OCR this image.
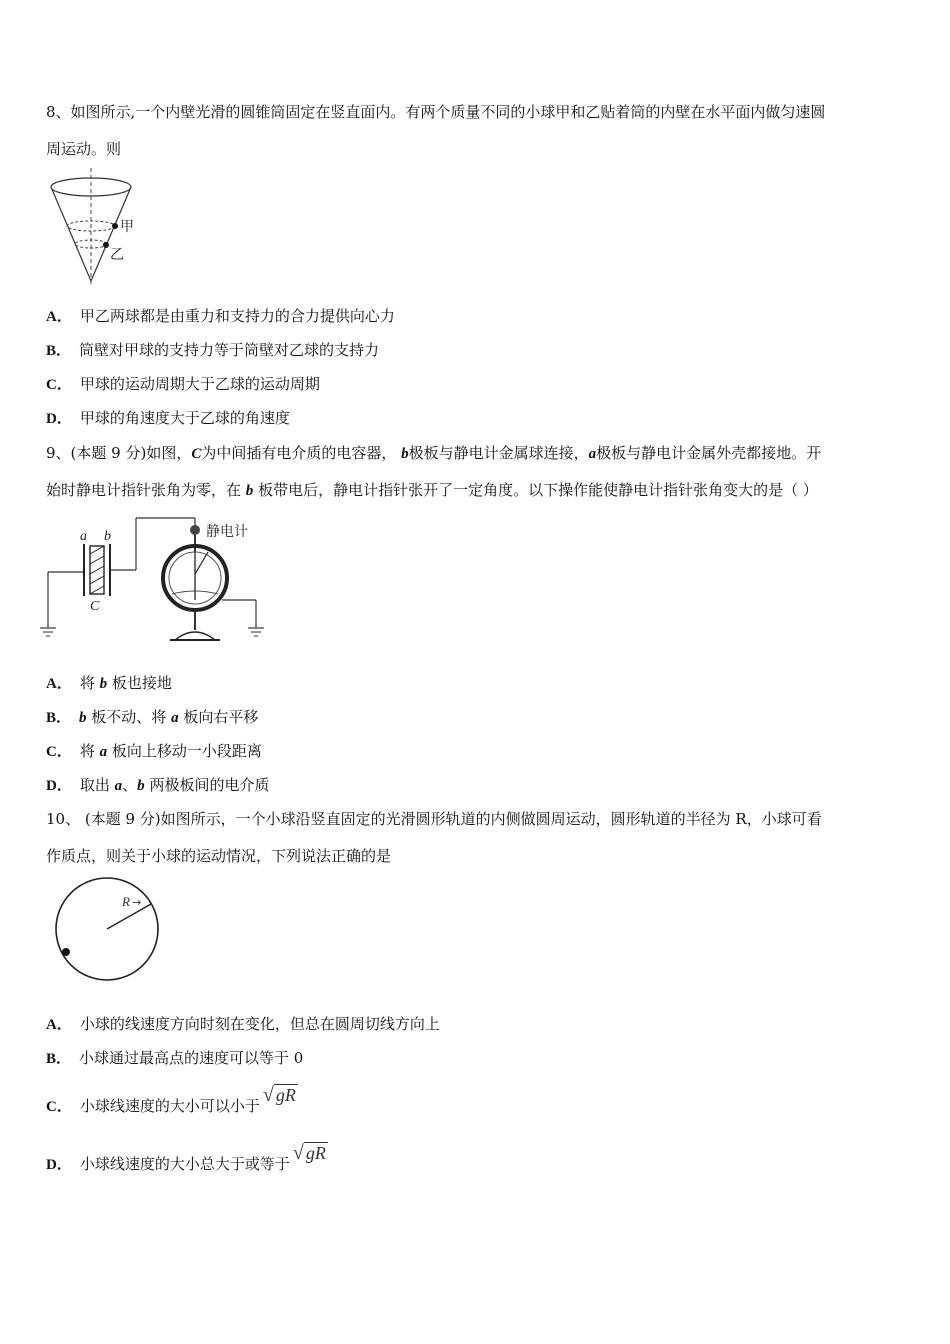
8、如图所示,一个内壁光滑的圆锥筒固定在竖直面内。有两个质量不同的小球甲和乙贴着筒的内壁在水平面内做匀速圆
周运动。则
甲
乙
A． 甲乙两球都是由重力和支持力的合力提供向心力
B． 筒壁对甲球的支持力等于筒壁对乙球的支持力
C． 甲球的运动周期大于乙球的运动周期
D． 甲球的角速度大于乙球的角速度
9、(本题 9 分)如图，C为中间插有电介质的电容器， b极板与静电计金属球连接，a极板与静电计金属外壳都接地。开
始时静电计指针张角为零，在 b 板带电后，静电计指针张开了一定角度。以下操作能使静电计指针张角变大的是（ ）
a b
C
静电计
A． 将 b 板也接地
B． b 板不动、将 a 板向右平移
C． 将 a 板向上移动一小段距离
D． 取出 a、b 两极板间的电介质
10、 (本题 9 分)如图所示，一个小球沿竖直固定的光滑圆形轨道的内侧做圆周运动，圆形轨道的半径为 R，小球可看
作质点，则关于小球的运动情况，下列说法正确的是
R →
A． 小球的线速度方向时刻在变化，但总在圆周切线方向上
B． 小球通过最高点的速度可以等于 0
C． 小球线速度的大小可以小于 √ gR
D． 小球线速度的大小总大于或等于 √ gR
